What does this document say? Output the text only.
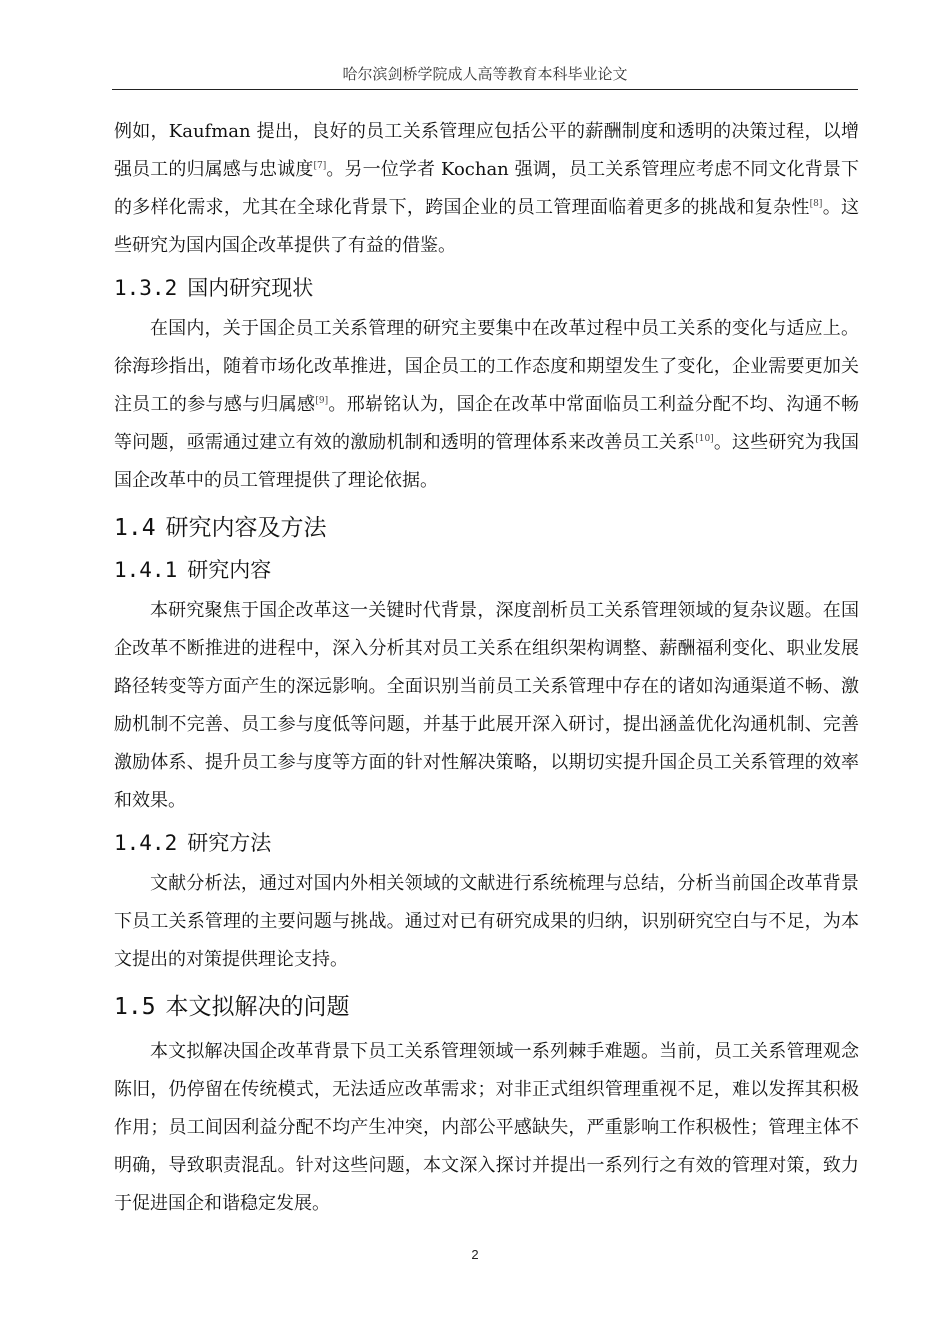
哈尔滨剑桥学院成人高等教育本科毕业论文

例如，Kaufman 提出，良好的员工关系管理应包括公平的薪酬制度和透明的决策过程，以增强员工的归属感与忠诚度[7]。另一位学者 Kochan 强调，员工关系管理应考虑不同文化背景下的多样化需求，尤其在全球化背景下，跨国企业的员工管理面临着更多的挑战和复杂性[8]。这些研究为国内国企改革提供了有益的借鉴。

1.3.2 国内研究现状

在国内，关于国企员工关系管理的研究主要集中在改革过程中员工关系的变化与适应上。徐海珍指出，随着市场化改革推进，国企员工的工作态度和期望发生了变化，企业需要更加关注员工的参与感与归属感[9]。邢崭铭认为，国企在改革中常面临员工利益分配不均、沟通不畅等问题，亟需通过建立有效的激励机制和透明的管理体系来改善员工关系[10]。这些研究为我国国企改革中的员工管理提供了理论依据。

1.4 研究内容及方法
1.4.1 研究内容

本研究聚焦于国企改革这一关键时代背景，深度剖析员工关系管理领域的复杂议题。在国企改革不断推进的进程中，深入分析其对员工关系在组织架构调整、薪酬福利变化、职业发展路径转变等方面产生的深远影响。全面识别当前员工关系管理中存在的诸如沟通渠道不畅、激励机制不完善、员工参与度低等问题，并基于此展开深入研讨，提出涵盖优化沟通机制、完善激励体系、提升员工参与度等方面的针对性解决策略，以期切实提升国企员工关系管理的效率和效果。

1.4.2 研究方法

文献分析法，通过对国内外相关领域的文献进行系统梳理与总结，分析当前国企改革背景下员工关系管理的主要问题与挑战。通过对已有研究成果的归纳，识别研究空白与不足，为本文提出的对策提供理论支持。

1.5 本文拟解决的问题

本文拟解决国企改革背景下员工关系管理领域一系列棘手难题。当前，员工关系管理观念陈旧，仍停留在传统模式，无法适应改革需求；对非正式组织管理重视不足，难以发挥其积极作用；员工间因利益分配不均产生冲突，内部公平感缺失，严重影响工作积极性；管理主体不明确，导致职责混乱。针对这些问题，本文深入探讨并提出一系列行之有效的管理对策，致力于促进国企和谐稳定发展。

2
